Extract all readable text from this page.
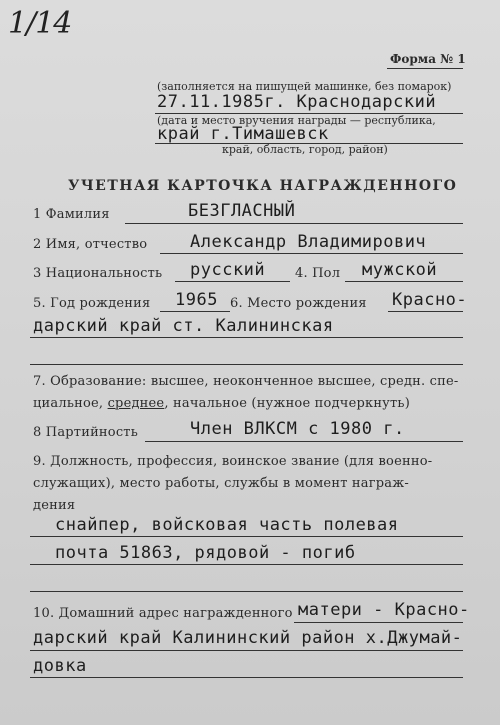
1/14
Форма № 1
(заполняется на пишущей машинке, без помарок)
27.11.1985г. Краснодарский
(дата и место вручения награды — республика,
край г.Тимашевск
край, область, город, район)
УЧЕТНАЯ КАРТОЧКА НАГРАЖДЕННОГО
1 Фамилия	БЕЗГЛАСНЫЙ
2 Имя, отчество	Александр Владимирович
3 Национальность русский 4. Пол мужской
5. Год рождения 1965 6. Место рождения Красно-
дарский край ст. Калининская
7. Образование: высшее, неоконченное высшее, средн. спе-
циальное, среднее, начальное (нужное подчеркнуть)
8 Партийность	Член ВЛКСМ с 1980 г.
9. Должность, профессия, воинское звание (для военно-
служащих), место работы, службы в момент награж-
дения
снайпер, войсковая часть полевая
почта 51863, рядовой - погиб
10. Домашний адрес награжденного матери - Красно-
дарский край Калининский район х.Джумай-
довка
